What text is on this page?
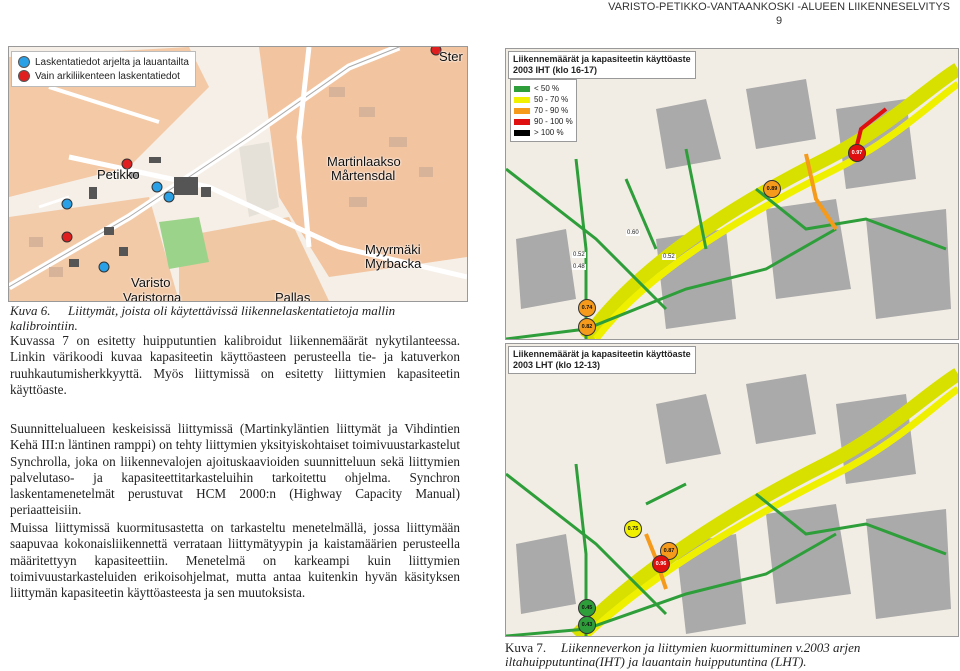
VARISTO-PETIKKO-VANTAANKOSKI -ALUEEN LIIKENNESELVITYS
9
Laskentatiedot arjelta ja lauantailta
Vain arkiliikenteen laskentatiedot
Ster
Petikko
Martinlaakso
Mårtensdal
Myyrmäki
Myrbacka
Varisto
Varistorna	Pallas
Kuva 6. Liittymät, joista oli käytettävissä liikennelaskentatietoja mallin kalibrointiin.

Kuvassa 7 on esitetty huipputuntien kalibroidut liikennemäärät nykytilanteessa. Linkin värikoodi kuvaa kapasiteetin käyttöasteen perusteella tie- ja katuverkon ruuhkautumisherkkyyttä. Myös liittymissä on esitetty liittymien kapasiteetin käyttöaste.

Suunnittelualueen keskeisissä liittymissä (Martinkyläntien liittymät ja Vihdintien Kehä III:n läntinen ramppi) on tehty liittymien yksityiskohtaiset toimivuustarkastelut Synchrolla, joka on liikennevalojen ajoituskaavioiden suunnitteluun sekä liittymien palvelutaso- ja kapasiteettitarkasteluihin tarkoitettu ohjelma. Synchron laskentamenetelmät perustuvat HCM 2000:n (Highway Capacity Manual) periaatteisiin.

Muissa liittymissä kuormitusastetta on tarkasteltu menetelmällä, jossa liittymään saapuvaa kokonaisliikennettä verrataan liittymätyypin ja kaistamäärien perusteella määritettyyn kapasiteettiin. Menetelmä on karkeampi kuin liittymien toimivuustarkasteluiden erikoisohjelmat, mutta antaa kuitenkin hyvän käsityksen liittymän kapasiteetin käyttöasteesta ja sen muutoksista.

Liikennemäärät ja kapasiteetin käyttöaste
2003 IHT (klo 16-17)
< 50 %
50 - 70 %
70 - 90 %
90 - 100 %
> 100 %
0.97
0.89
0.74
0.82
0.60
0.52	0.52
0.48
Liikennemäärät ja kapasiteetin käyttöaste
2003 LHT (klo 12-13)
0.75
0.87
0.96
0.45
0.43
Kuva 7. Liikenneverkon ja liittymien kuormittuminen v.2003 arjen iltahuipputuntina(IHT) ja lauantain huipputuntina (LHT).
